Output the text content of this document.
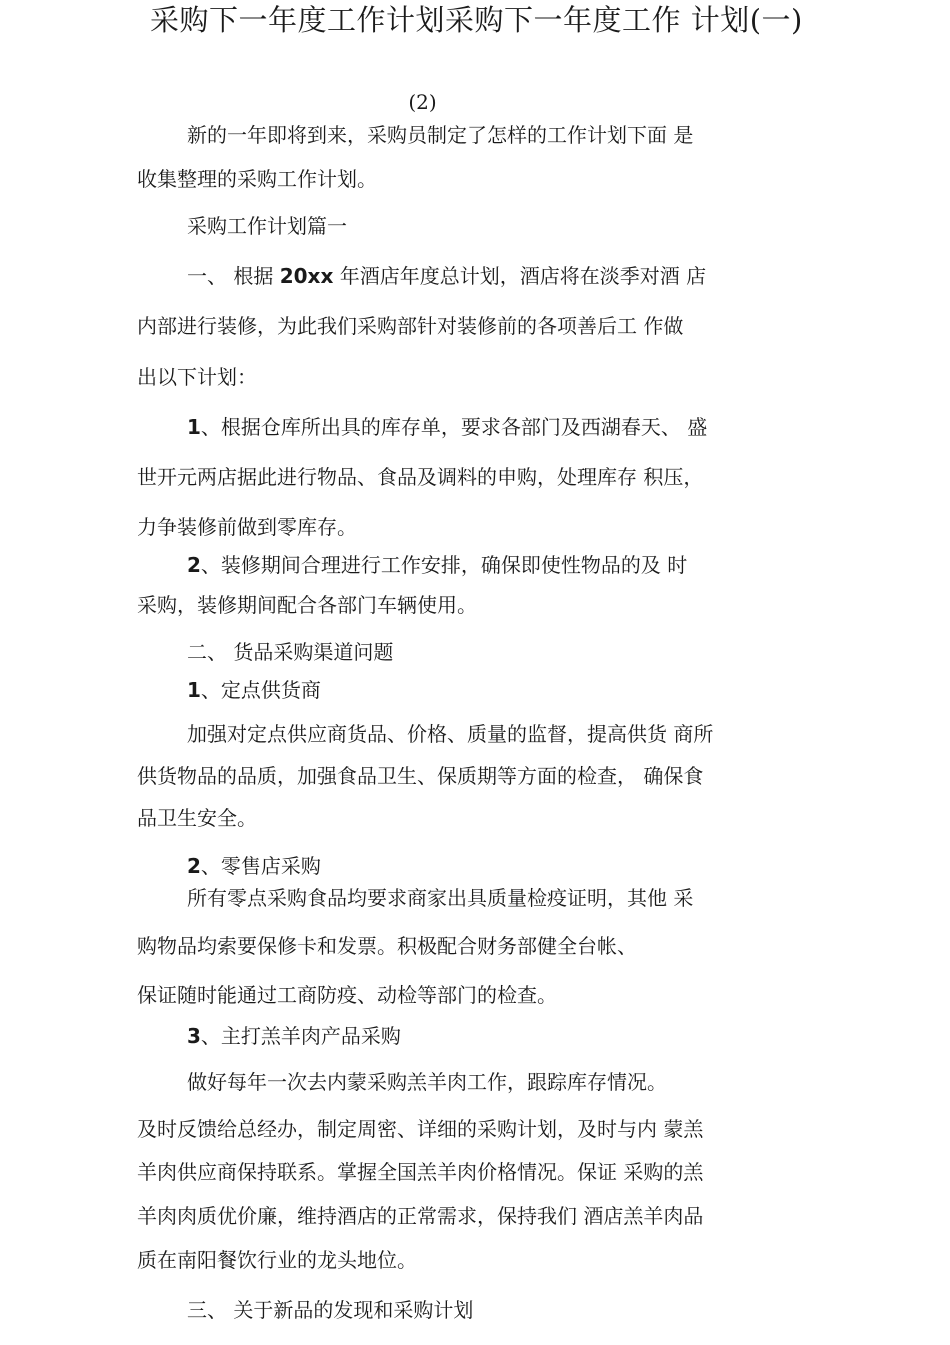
采购下一年度工作计划采购下一年度工作 计划(一)

(2)

新的一年即将到来，采购员制定了怎样的工作计划下面 是

收集整理的采购工作计划。

采购工作计划篇一

一、 根据 20xx 年酒店年度总计划，酒店将在淡季对酒 店

内部进行装修，为此我们采购部针对装修前的各项善后工 作做

出以下计划：

1、根据仓库所出具的库存单，要求各部门及西湖春天、 盛

世开元两店据此进行物品、食品及调料的申购，处理库存 积压，

力争装修前做到零库存。

2、装修期间合理进行工作安排，确保即使性物品的及 时

采购，装修期间配合各部门车辆使用。

二、 货品采购渠道问题

1、定点供货商

加强对定点供应商货品、价格、质量的监督，提高供货 商所

供货物品的品质，加强食品卫生、保质期等方面的检查， 确保食

品卫生安全。

2、零售店采购

所有零点采购食品均要求商家出具质量检疫证明，其他 采

购物品均索要保修卡和发票。积极配合财务部健全台帐、

保证随时能通过工商防疫、动检等部门的检查。

3、主打羔羊肉产品采购

做好每年一次去内蒙采购羔羊肉工作，跟踪库存情况。

及时反馈给总经办，制定周密、详细的采购计划，及时与内 蒙羔

羊肉供应商保持联系。掌握全国羔羊肉价格情况。保证 采购的羔

羊肉肉质优价廉，维持酒店的正常需求，保持我们 酒店羔羊肉品

质在南阳餐饮行业的龙头地位。

三、 关于新品的发现和采购计划
